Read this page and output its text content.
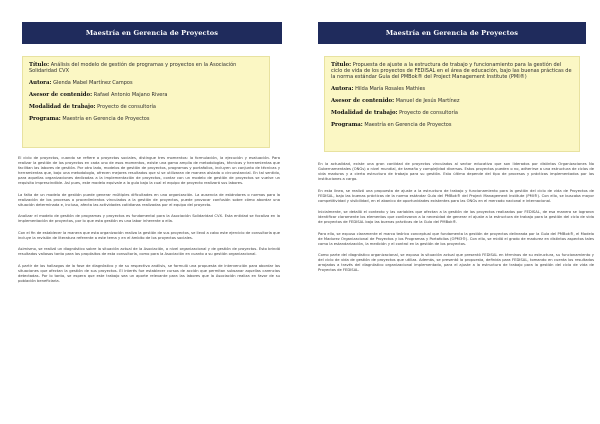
Maestría en Gerencia de Proyectos
Título: Análisis del modelo de gestión de programas y proyectos en la Asociación Solidaridad CVX
Autora: Glenda Mabel Martínez Campos
Asesor de contenido: Rafael Antonio Majano Rivera
Modalidad de trabajo: Proyecto de consultoría
Programa: Maestría en Gerencia de Proyectos

El ciclo de proyectos, cuando se refiere a proyectos sociales, distingue tres momentos: la formulación, la ejecución y evaluación. Para realizar la gestión de los proyectos en cada uno de esos momentos, existe una gama amplia de metodologías, técnicas y herramientas que facilitan las labores de gestión. Por otro lado, modelos de gestión de proyectos, programas y portafolios, incluyen un conjunto de técnicas y herramientas que, bajo una metodología, ofrecen mejores resultados que si se utilizaran de manera aislada o circunstancial. En tal sentido, para aquellas organizaciones dedicadas a la implementación de proyectos, contar con un modelo de gestión de proyectos se vuelve un requisito imprescindible. Así pues, este modelo equivale a la guía bajo la cual el equipo de proyecto realizará sus labores.

La falta de un modelo de gestión puede generar múltiples dificultades en una organización. La ausencia de estándares o normas para la realización de los procesos o procedimientos vinculados a la gestión de proyectos, puede provocar confusión sobre cómo abordar una situación determinada e, incluso, afecta las actividades cotidianas realizadas por el equipo del proyecto.

Analizar el modelo de gestión de programas y proyectos es fundamental para la Asociación Solidaridad CVX. Esta entidad se focaliza en la implementación de proyectos, por lo que esta gestión es una labor inherente a ella.

Con el fin de establecer la manera que esta organización realiza la gestión de sus proyectos, se llevó a cabo este ejercicio de consultoría que incluye la revisión de literatura referente a este tema y en el ámbito de los proyectos sociales.

Asimismo, se realizó un diagnóstico sobre la situación actual de la Asociación, a nivel organizacional y de gestión de proyectos. Esto brindó resultados valiosos tanto para los propósitos de esta consultoría, como para la Asociación en cuanto a su gestión organizacional.

A partir de los hallazgos de la fase de diagnóstico y de su respectivo análisis, se formuló una propuesta de intervención para abordar las situaciones que afectan la gestión de sus proyectos. El interés fue establecer cursos de acción que permitan subsanar aquellas carencias detectadas. Por lo tanto, se espera que este trabajo sea un aporte relevante para las labores que la Asociación realiza en favor de su población beneficiaria.

Maestría en Gerencia de Proyectos
Título: Propuesta de ajuste a la estructura de trabajo y funcionamiento para la gestión del ciclo de vida de los proyectos de FEDISAL en el área de educación, bajo las buenas prácticas de la norma estándar Guía del PMBok® del Project Management Institute (PMI®)
Autora: Hilda María Rosales Mathies
Asesor de contenido: Manuel de Jesús Martínez
Modalidad de trabajo: Proyecto de consultoría
Programa: Maestría en Gerencia de Proyectos

En la actualidad, existe una gran cantidad de proyectos vinculados al sector educativo que son liderados por distintas Organizaciones No Gubernamentales (ONGs) a nivel mundial, de tamaño y complejidad diversos. Estos proyectos pueden o no, adherirse a una estructura de ciclos de vida maduros y a cierta estructura de trabajo para su gestión. Esto último depende del tipo de procesos y prácticas implementados por las instituciones a cargo.

En esta línea, se realizó una propuesta de ajuste a la estructura de trabajo y funcionamiento para la gestión del ciclo de vida de Proyectos de FEDISAL, bajo las buenas prácticas de la norma estándar Guía del PMBok® del Project Management Institute (PMI®). Con ello, se buscaba mayor competitividad y visibilidad, en el abanico de oportunidades existentes para las ONGs en el mercado nacional e internacional.

Inicialmente, se detalló el contexto y las variables que afectan a la gestión de los proyectos realizados por FEDISAL, de esa manera se lograron identificar claramente los elementos que conllevaron a la necesidad de generar el ajuste a la estructura de trabajo para la gestión del ciclo de vida de proyectos de FEDISAL bajo las buenas prácticas de la Guía del PMBok®.

Para ello, se expuso claramente el marco teórico conceptual que fundamenta la gestión de proyectos delineada por la Guía del PMBok®, el Modelo de Madurez Organizacional de Proyectos y los Programas y Portafolios (OPM3®). Con ello, se midió el grado de madurez en distintos aspectos tales como la estandarización, la medición y el control en la gestión de los proyectos.

Como parte del diagnóstico organizacional, se expuso la situación actual que presentó FEDISAL en términos de su estructura, su funcionamiento y del ciclo de vida de gestión de proyectos que utiliza. Además, se presentó la propuesta, definida para FEDISAL, tomando en cuenta los resultados arrojados a través del diagnóstico organizacional implementado, para el ajuste a la estructura de trabajo para la gestión del ciclo de vida de Proyectos de FEDISAL.
